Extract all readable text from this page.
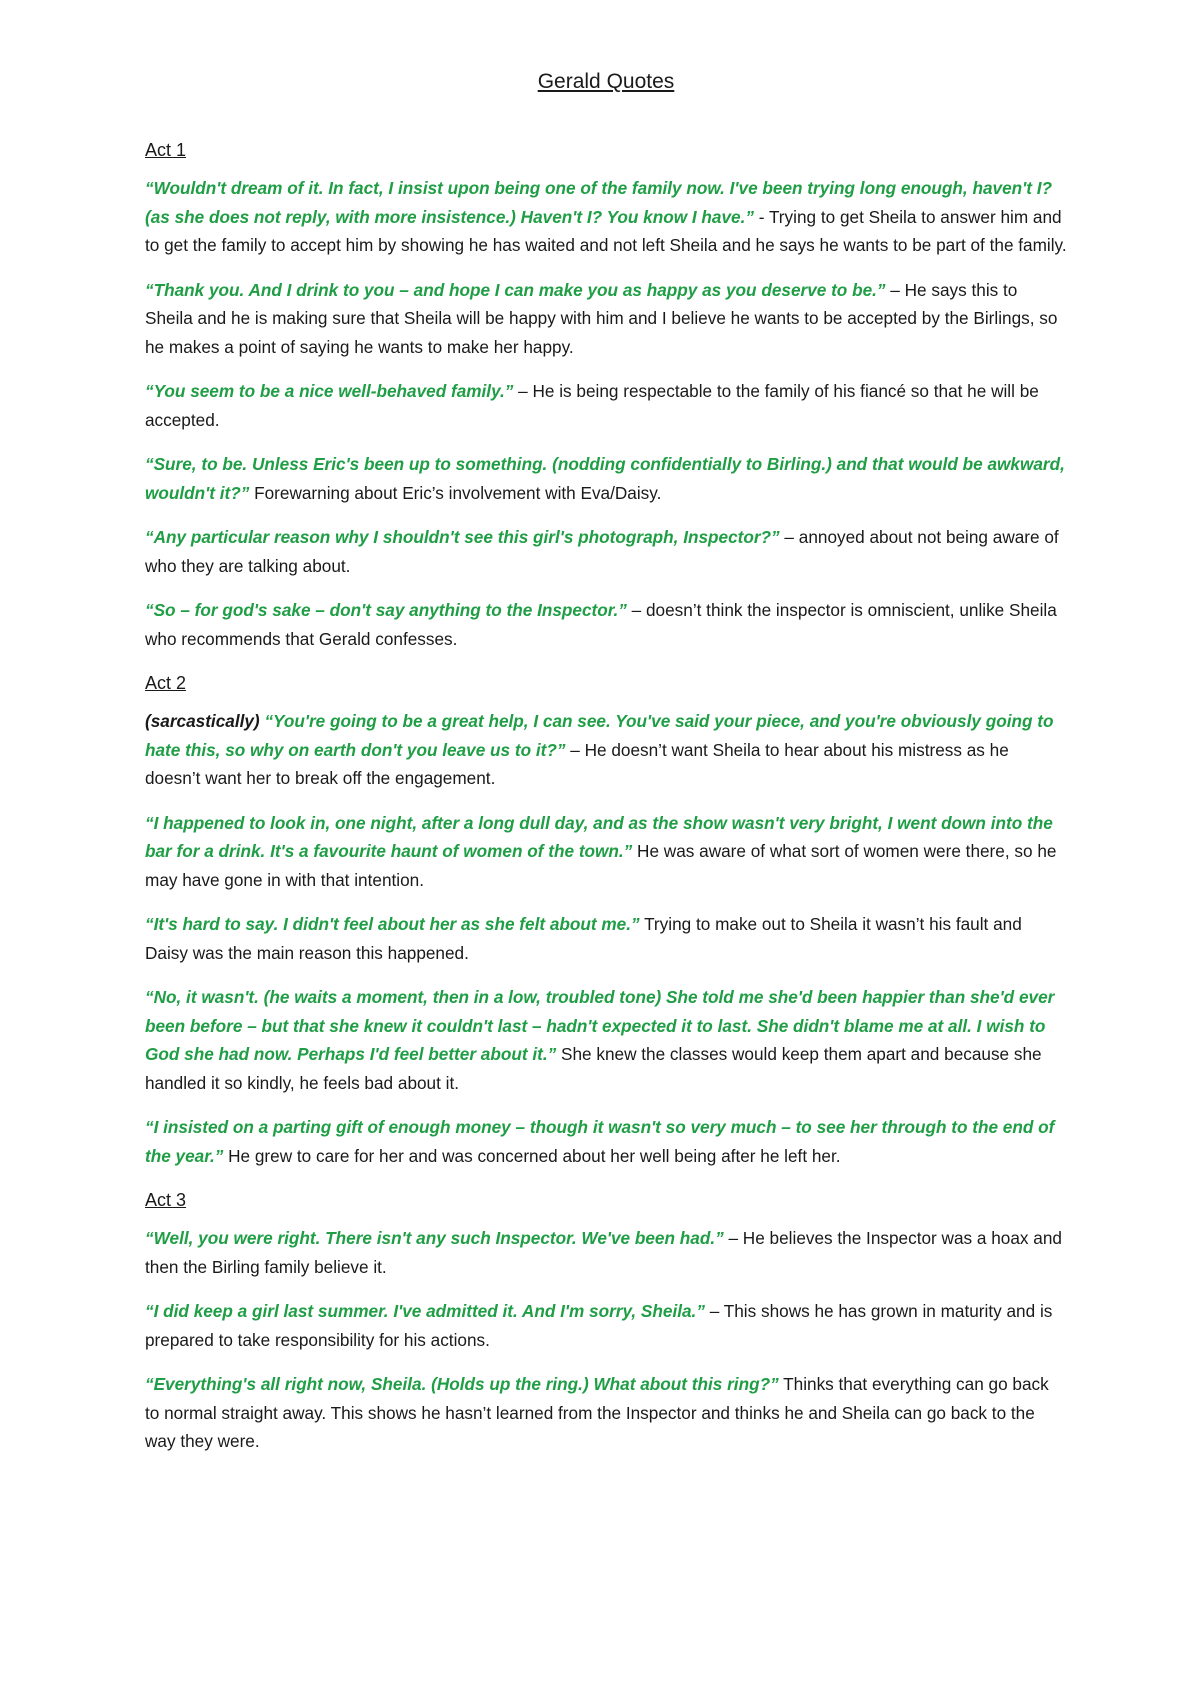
Gerald Quotes
Act 1

“Wouldn't dream of it. In fact, I insist upon being one of the family now. I've been trying long enough, haven't I? (as she does not reply, with more insistence.) Haven't I? You know I have.” - Trying to get Sheila to answer him and to get the family to accept him by showing he has waited and not left Sheila and he says he wants to be part of the family.

“Thank you. And I drink to you – and hope I can make you as happy as you deserve to be.” – He says this to Sheila and he is making sure that Sheila will be happy with him and I believe he wants to be accepted by the Birlings, so he makes a point of saying he wants to make her happy.

“You seem to be a nice well-behaved family.” – He is being respectable to the family of his fiancé so that he will be accepted.

“Sure, to be. Unless Eric's been up to something. (nodding confidentially to Birling.) and that would be awkward, wouldn't it?” Forewarning about Eric’s involvement with Eva/Daisy.

“Any particular reason why I shouldn't see this girl's photograph, Inspector?” – annoyed about not being aware of who they are talking about.

“So – for god's sake – don't say anything to the Inspector.” – doesn’t think the inspector is omniscient, unlike Sheila who recommends that Gerald confesses.

Act 2

(sarcastically) “You're going to be a great help, I can see. You've said your piece, and you're obviously going to hate this, so why on earth don't you leave us to it?” – He doesn’t want Sheila to hear about his mistress as he doesn’t want her to break off the engagement.

“I happened to look in, one night, after a long dull day, and as the show wasn't very bright, I went down into the bar for a drink. It's a favourite haunt of women of the town.” He was aware of what sort of women were there, so he may have gone in with that intention.

“It's hard to say. I didn't feel about her as she felt about me.” Trying to make out to Sheila it wasn’t his fault and Daisy was the main reason this happened.

“No, it wasn't. (he waits a moment, then in a low, troubled tone) She told me she'd been happier than she'd ever been before – but that she knew it couldn't last – hadn't expected it to last. She didn't blame me at all. I wish to God she had now. Perhaps I'd feel better about it.” She knew the classes would keep them apart and because she handled it so kindly, he feels bad about it.

“I insisted on a parting gift of enough money – though it wasn't so very much – to see her through to the end of the year.” He grew to care for her and was concerned about her well being after he left her.

Act 3

“Well, you were right. There isn't any such Inspector. We've been had.” – He believes the Inspector was a hoax and then the Birling family believe it.

“I did keep a girl last summer. I've admitted it. And I'm sorry, Sheila.” – This shows he has grown in maturity and is prepared to take responsibility for his actions.

“Everything's all right now, Sheila. (Holds up the ring.) What about this ring?” Thinks that everything can go back to normal straight away. This shows he hasn’t learned from the Inspector and thinks he and Sheila can go back to the way they were.
